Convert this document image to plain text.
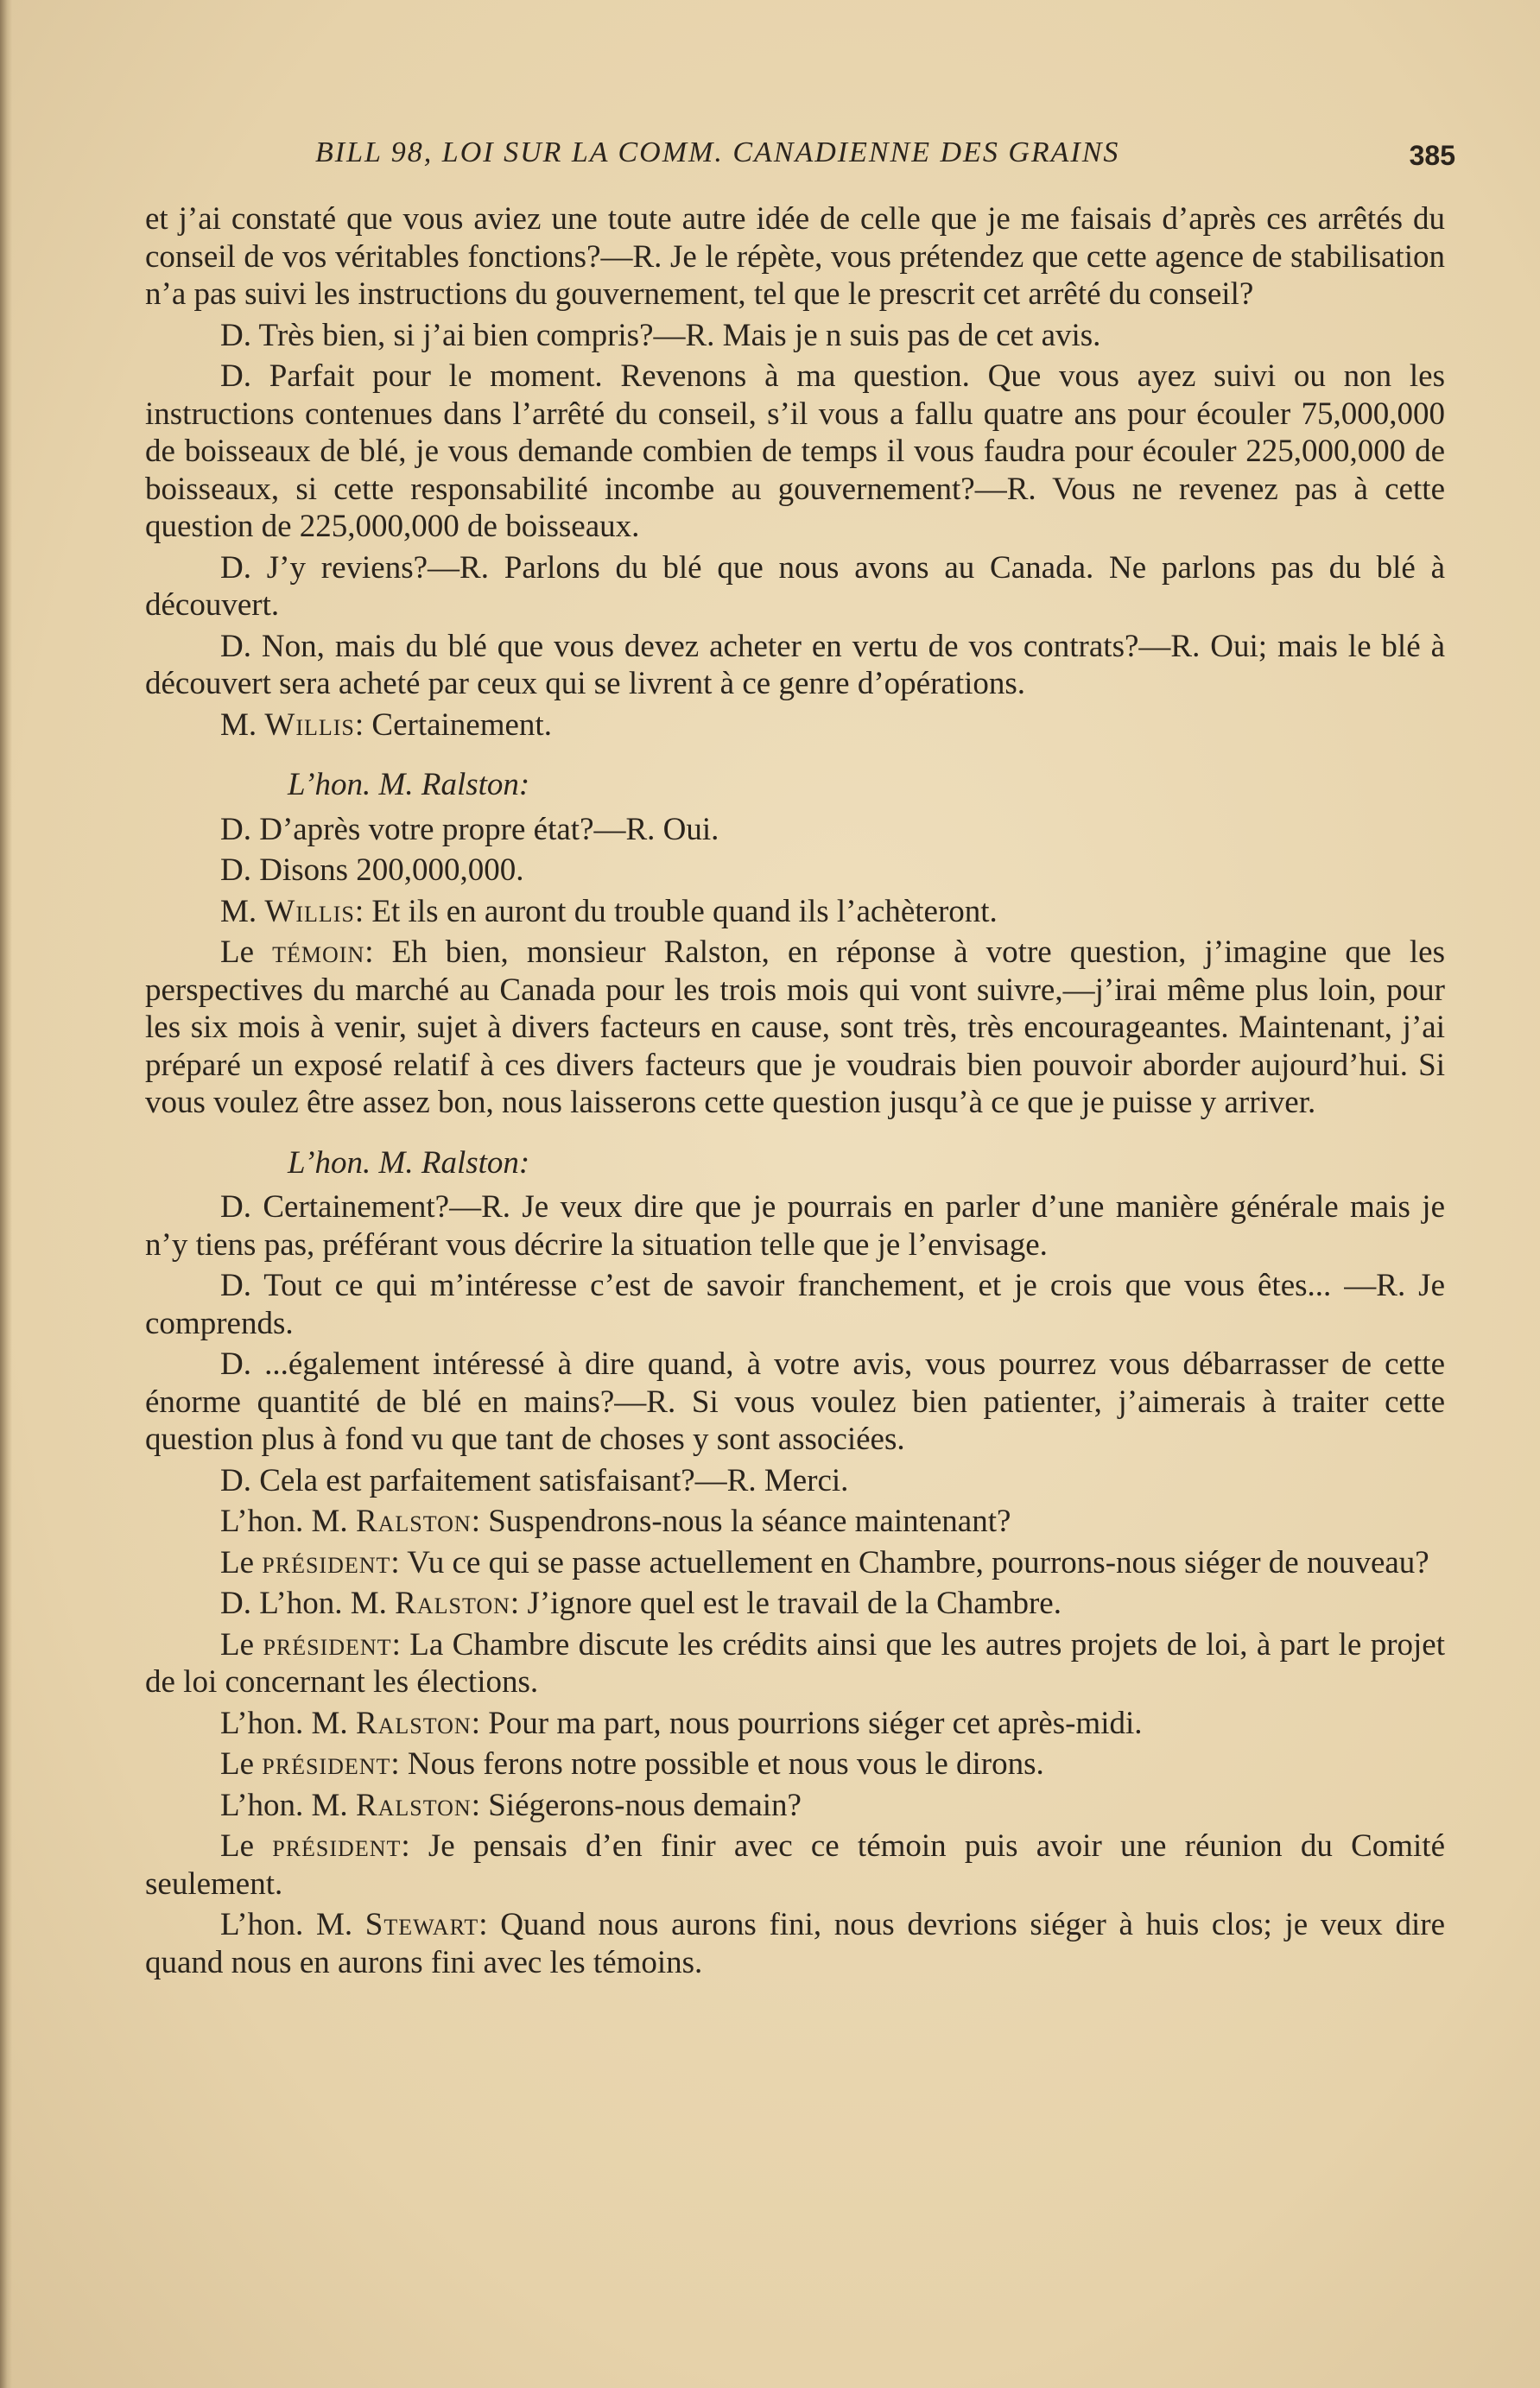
BILL 98, LOI SUR LA COMM. CANADIENNE DES GRAINS	385

et j’ai constaté que vous aviez une toute autre idée de celle que je me faisais d’après ces arrêtés du conseil de vos véritables fonctions?—R. Je le répète, vous prétendez que cette agence de stabilisation n’a pas suivi les instructions du gouvernement, tel que le prescrit cet arrêté du conseil?

D. Très bien, si j’ai bien compris?—R. Mais je n suis pas de cet avis.

D. Parfait pour le moment. Revenons à ma question. Que vous ayez suivi ou non les instructions contenues dans l’arrêté du conseil, s’il vous a fallu quatre ans pour écouler 75,000,000 de boisseaux de blé, je vous demande combien de temps il vous faudra pour écouler 225,000,000 de boisseaux, si cette responsabilité incombe au gouvernement?—R. Vous ne revenez pas à cette question de 225,000,000 de boisseaux.

D. J’y reviens?—R. Parlons du blé que nous avons au Canada. Ne parlons pas du blé à découvert.

D. Non, mais du blé que vous devez acheter en vertu de vos contrats?—R. Oui; mais le blé à découvert sera acheté par ceux qui se livrent à ce genre d’opérations.

M. Willis: Certainement.

L’hon. M. Ralston:

D. D’après votre propre état?—R. Oui.

D. Disons 200,000,000.

M. Willis: Et ils en auront du trouble quand ils l’achèteront.

Le témoin: Eh bien, monsieur Ralston, en réponse à votre question, j’imagine que les perspectives du marché au Canada pour les trois mois qui vont suivre,—j’irai même plus loin, pour les six mois à venir, sujet à divers facteurs en cause, sont très, très encourageantes. Maintenant, j’ai préparé un exposé relatif à ces divers facteurs que je voudrais bien pouvoir aborder aujourd’hui. Si vous voulez être assez bon, nous laisserons cette question jusqu’à ce que je puisse y arriver.

L’hon. M. Ralston:

D. Certainement?—R. Je veux dire que je pourrais en parler d’une manière générale mais je n’y tiens pas, préférant vous décrire la situation telle que je l’envisage.

D. Tout ce qui m’intéresse c’est de savoir franchement, et je crois que vous êtes... —R. Je comprends.

D. ...également intéressé à dire quand, à votre avis, vous pourrez vous débarrasser de cette énorme quantité de blé en mains?—R. Si vous voulez bien patienter, j’aimerais à traiter cette question plus à fond vu que tant de choses y sont associées.

D. Cela est parfaitement satisfaisant?—R. Merci.

L’hon. M. Ralston: Suspendrons-nous la séance maintenant?

Le président: Vu ce qui se passe actuellement en Chambre, pourrons-nous siéger de nouveau?

D. L’hon. M. Ralston: J’ignore quel est le travail de la Chambre.

Le président: La Chambre discute les crédits ainsi que les autres projets de loi, à part le projet de loi concernant les élections.

L’hon. M. Ralston: Pour ma part, nous pourrions siéger cet après-midi.

Le président: Nous ferons notre possible et nous vous le dirons.

L’hon. M. Ralston: Siégerons-nous demain?

Le président: Je pensais d’en finir avec ce témoin puis avoir une réunion du Comité seulement.

L’hon. M. Stewart: Quand nous aurons fini, nous devrions siéger à huis clos; je veux dire quand nous en aurons fini avec les témoins.
